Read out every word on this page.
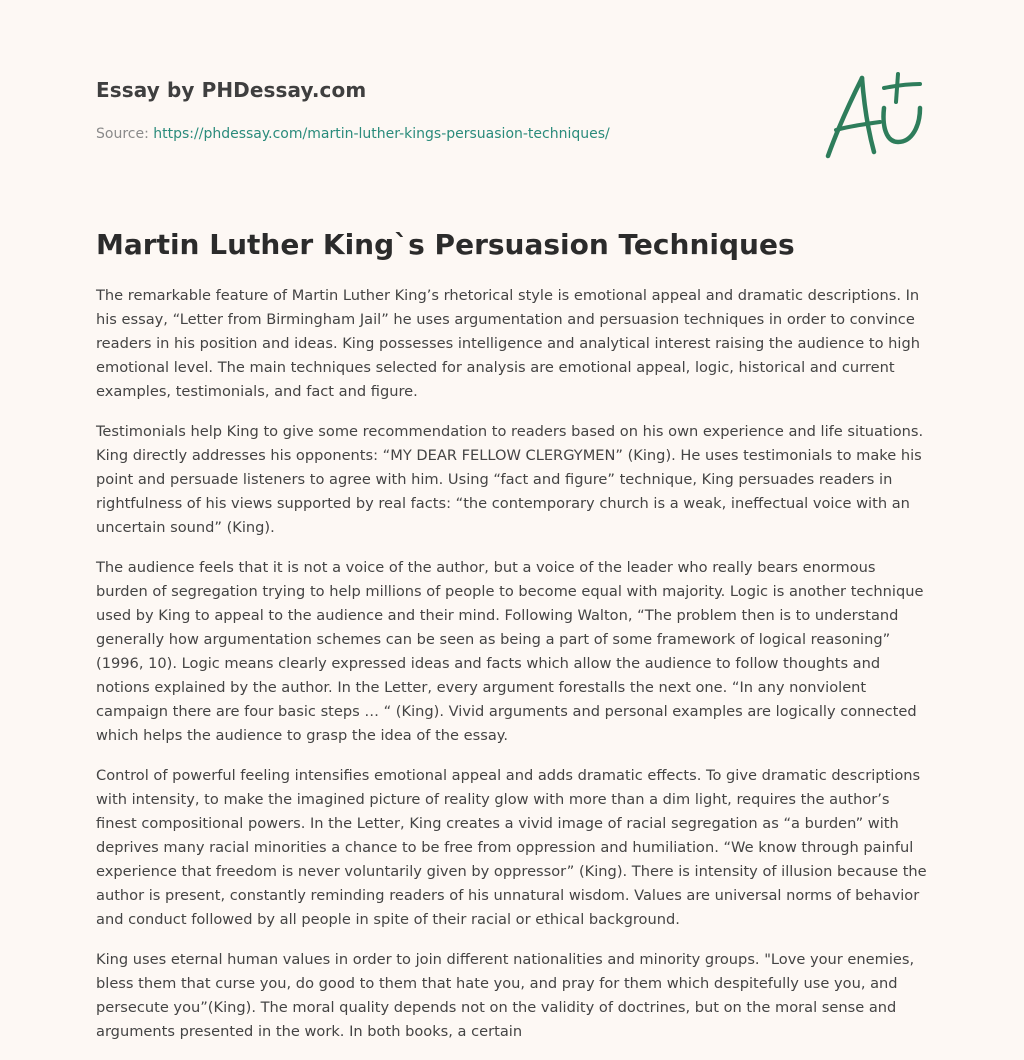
Essay by PHDessay.com

Source: https://phdessay.com/martin-luther-kings-persuasion-techniques/

Martin Luther King`s Persuasion Techniques

The remarkable feature of Martin Luther King’s rhetorical style is emotional appeal and dramatic descriptions. In his essay, “Letter from Birmingham Jail” he uses argumentation and persuasion techniques in order to convince readers in his position and ideas. King possesses intelligence and analytical interest raising the audience to high emotional level. The main techniques selected for analysis are emotional appeal, logic, historical and current examples, testimonials, and fact and figure.

Testimonials help King to give some recommendation to readers based on his own experience and life situations. King directly addresses his opponents: “MY DEAR FELLOW CLERGYMEN” (King). He uses testimonials to make his point and persuade listeners to agree with him. Using “fact and figure” technique, King persuades readers in rightfulness of his views supported by real facts: “the contemporary church is a weak, ineffectual voice with an uncertain sound” (King).

The audience feels that it is not a voice of the author, but a voice of the leader who really bears enormous burden of segregation trying to help millions of people to become equal with majority. Logic is another technique used by King to appeal to the audience and their mind. Following Walton, “The problem then is to understand generally how argumentation schemes can be seen as being a part of some framework of logical reasoning” (1996, 10). Logic means clearly expressed ideas and facts which allow the audience to follow thoughts and notions explained by the author. In the Letter, every argument forestalls the next one. “In any nonviolent campaign there are four basic steps … “ (King). Vivid arguments and personal examples are logically connected which helps the audience to grasp the idea of the essay.

Control of powerful feeling intensifies emotional appeal and adds dramatic effects. To give dramatic descriptions with intensity, to make the imagined picture of reality glow with more than a dim light, requires the author’s finest compositional powers. In the Letter, King creates a vivid image of racial segregation as “a burden” with deprives many racial minorities a chance to be free from oppression and humiliation. “We know through painful experience that freedom is never voluntarily given by oppressor” (King). There is intensity of illusion because the author is present, constantly reminding readers of his unnatural wisdom. Values are universal norms of behavior and conduct followed by all people in spite of their racial or ethical background.

King uses eternal human values in order to join different nationalities and minority groups. "Love your enemies, bless them that curse you, do good to them that hate you, and pray for them which despitefully use you, and persecute you”(King). The moral quality depends not on the validity of doctrines, but on the moral sense and arguments presented in the work. In both books, a certain
